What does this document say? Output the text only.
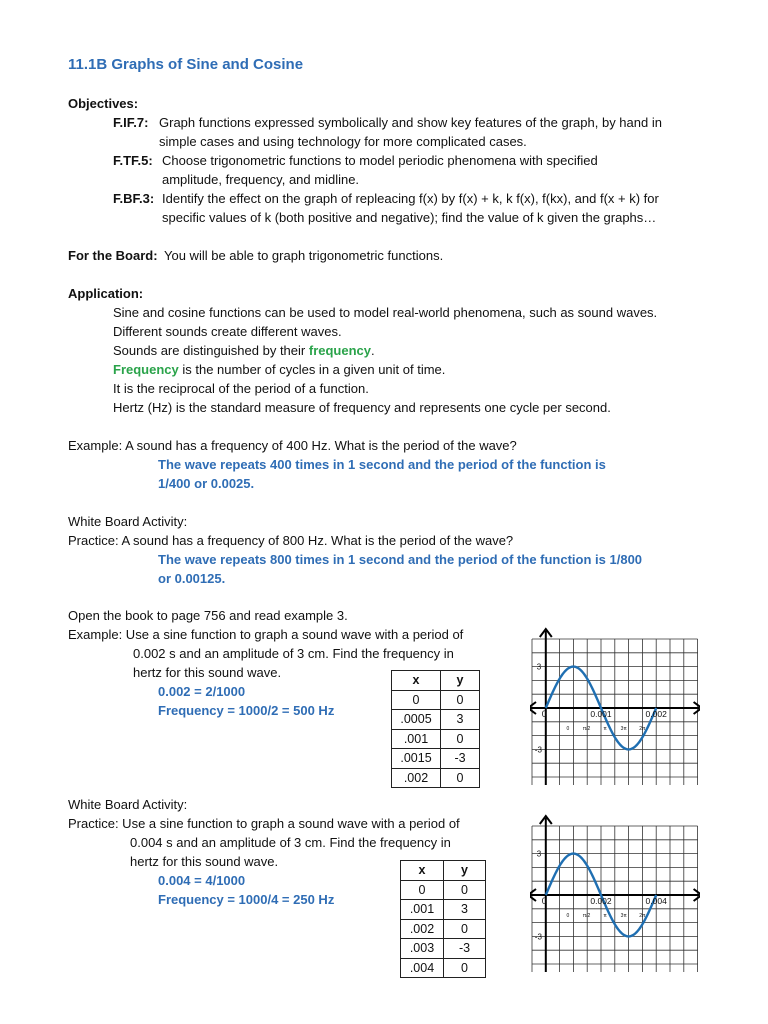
11.1B Graphs of Sine and Cosine
Objectives:
F.IF.7: Graph functions expressed symbolically and show key features of the graph, by hand in
simple cases and using technology for more complicated cases.
F.TF.5: Choose trigonometric functions to model periodic phenomena with specified
amplitude, frequency, and midline.
F.BF.3: Identify the effect on the graph of repleacing f(x) by f(x) + k, k f(x), f(kx), and f(x + k) for
specific values of k (both positive and negative); find the value of k given the graphs…
For the Board: You will be able to graph trigonometric functions.
Application:
Sine and cosine functions can be used to model real-world phenomena, such as sound waves.
Different sounds create different waves.
Sounds are distinguished by their frequency.
Frequency is the number of cycles in a given unit of time.
It is the reciprocal of the period of a function.
Hertz (Hz) is the standard measure of frequency and represents one cycle per second.
Example: A sound has a frequency of 400 Hz. What is the period of the wave?
The wave repeats 400 times in 1 second and the period of the function is
1/400 or 0.0025.
White Board Activity:
Practice: A sound has a frequency of 800 Hz. What is the period of the wave?
The wave repeats 800 times in 1 second and the period of the function is 1/800
or 0.00125.
Open the book to page 756 and read example 3.
Example: Use a sine function to graph a sound wave with a period of
0.002 s and an amplitude of 3 cm. Find the frequency in
hertz for this sound wave.
0.002 = 2/1000
Frequency = 1000/2 = 500 Hz
x	y
0	0
.0005	3
.001	0
.0015	-3
.002	0
3
-3
0	0.001	0.002
0	π/2	π	3π 2π
White Board Activity:
Practice: Use a sine function to graph a sound wave with a period of
0.004 s and an amplitude of 3 cm. Find the frequency in
hertz for this sound wave.
0.004 = 4/1000
Frequency = 1000/4 = 250 Hz
x	y
0	0
.001	3
.002	0
.003	-3
.004	0
3
-3
0	0.002	0.004
0	π/2	π	3π 2π
